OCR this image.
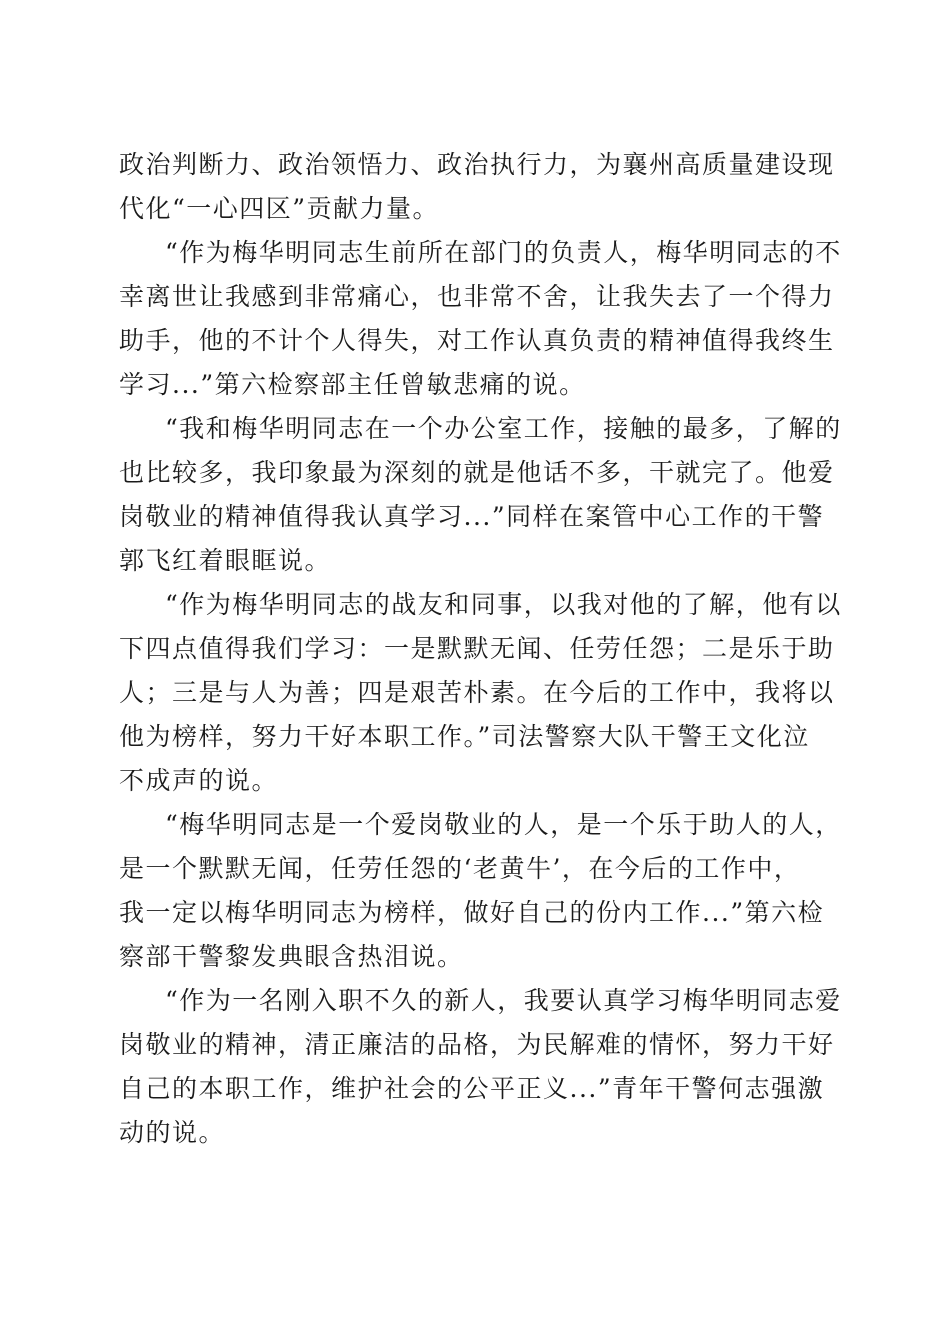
政治判断力、政治领悟力、政治执行力，为襄州高质量建设现
代化“一心四区”贡献力量。
“作为梅华明同志生前所在部门的负责人，梅华明同志的不
幸离世让我感到非常痛心，也非常不舍，让我失去了一个得力
助手，他的不计个人得失，对工作认真负责的精神值得我终生
学习...”第六检察部主任曾敏悲痛的说。
“我和梅华明同志在一个办公室工作，接触的最多，了解的
也比较多，我印象最为深刻的就是他话不多，干就完了。他爱
岗敬业的精神值得我认真学习...”同样在案管中心工作的干警
郭飞红着眼眶说。
“作为梅华明同志的战友和同事，以我对他的了解，他有以
下四点值得我们学习：一是默默无闻、任劳任怨；二是乐于助
人；三是与人为善；四是艰苦朴素。在今后的工作中，我将以
他为榜样，努力干好本职工作。”司法警察大队干警王文化泣
不成声的说。
“梅华明同志是一个爱岗敬业的人，是一个乐于助人的人，
是一个默默无闻，任劳任怨的‘老黄牛’，在今后的工作中，
我一定以梅华明同志为榜样，做好自己的份内工作...”第六检
察部干警黎发典眼含热泪说。
“作为一名刚入职不久的新人，我要认真学习梅华明同志爱
岗敬业的精神，清正廉洁的品格，为民解难的情怀，努力干好
自己的本职工作，维护社会的公平正义...”青年干警何志强激
动的说。
